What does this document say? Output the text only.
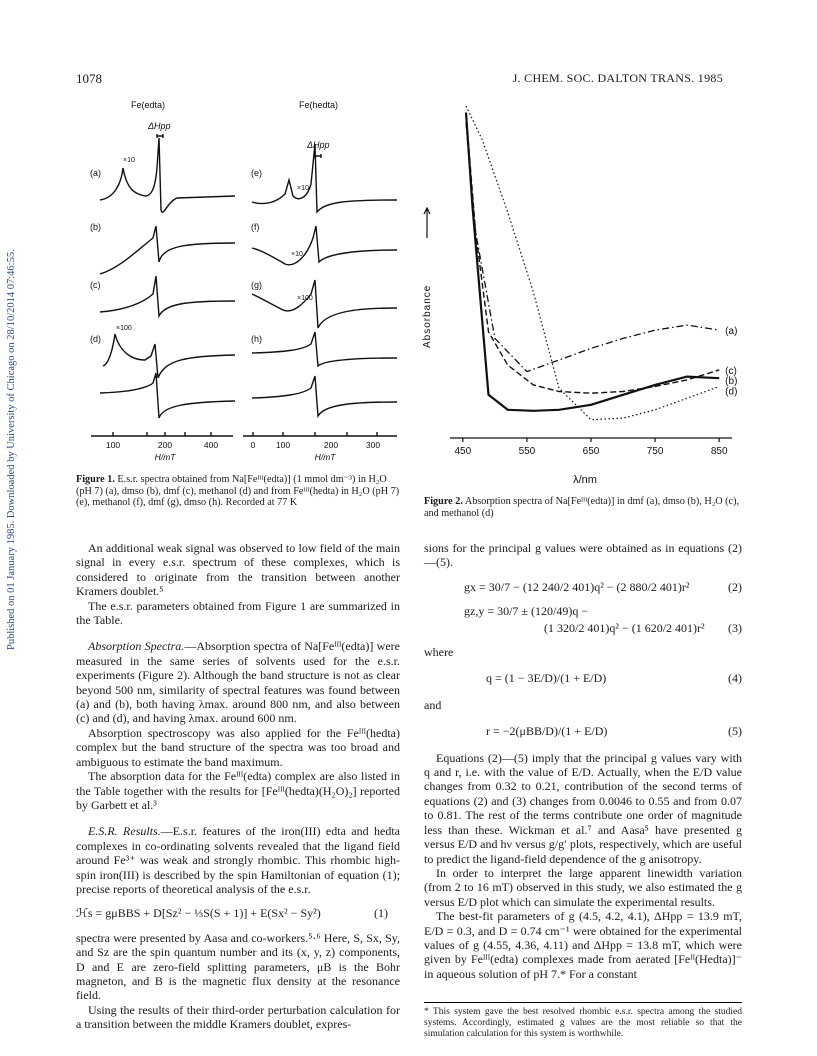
Published on 01 January 1985. Downloaded by University of Chicago on 28/10/2014 07:46:55.
1078	J. CHEM. SOC. DALTON TRANS. 1985
Fe(edta)	Fe(hedta)
ΔHpp
ΔHpp
(a)
(b)
(c)
(d)
(e)
(f)
(g)
(h)
×10
×100
×10
×10
×100
100	200	400	0 100	200	300
H/mT	H/mT
Figure 1. E.s.r. spectra obtained from Na[Feᴵᴵᴵ(edta)] (1 mmol dm⁻³) in H₂O (pH 7) (a), dmso (b), dmf (c), methanol (d) and from Feᴵᴵᴵ(hedta) in H₂O (pH 7) (e), methanol (f), dmf (g), dmso (h). Recorded at 77 K
450	550	650	750	850
(a)
(b)
(c)
(d)
Absorbance
λ/nm
Figure 2. Absorption spectra of Na[Feᴵᴵᴵ(edta)] in dmf (a), dmso (b), H₂O (c), and methanol (d)

An additional weak signal was observed to low field of the main signal in every e.s.r. spectrum of these complexes, which is considered to originate from the transition between another Kramers doublet.⁵

The e.s.r. parameters obtained from Figure 1 are summarized in the Table.

Absorption Spectra.—Absorption spectra of Na[Feᴵᴵᴵ(edta)] were measured in the same series of solvents used for the e.s.r. experiments (Figure 2). Although the band structure is not as clear beyond 500 nm, similarity of spectral features was found between (a) and (b), both having λmax. around 800 nm, and also between (c) and (d), and having λmax. around 600 nm.

Absorption spectroscopy was also applied for the Feᴵᴵᴵ(hedta) complex but the band structure of the spectra was too broad and ambiguous to estimate the band maximum.

The absorption data for the Feᴵᴵᴵ(edta) complex are also listed in the Table together with the results for [Feᴵᴵᴵ(hedta)(H₂O)₂] reported by Garbett et al.³

E.S.R. Results.—E.s.r. features of the iron(III) edta and hedta complexes in co-ordinating solvents revealed that the ligand field around Fe³⁺ was weak and strongly rhombic. This rhombic high-spin iron(III) is described by the spin Hamiltonian of equation (1); precise reports of theoretical analysis of the e.s.r.

ℋs = gμBBS + D[Sz² − ⅓S(S + 1)] + E(Sx² − Sy²)	(1)

spectra were presented by Aasa and co-workers.⁵·⁶ Here, S, Sx, Sy, and Sz are the spin quantum number and its (x, y, z) components, D and E are zero-field splitting parameters, μB is the Bohr magneton, and B is the magnetic flux density at the resonance field.

Using the results of their third-order perturbation calculation for a transition between the middle Kramers doublet, expres-

sions for the principal g values were obtained as in equations (2)—(5).

gx = 30/7 − (12 240/2 401)q² − (2 880/2 401)r²	(2)
gz,y = 30/7 ± (120/49)q −
(1 320/2 401)q² − (1 620/2 401)r² (3)

where

q = (1 − 3E/D)/(1 + E/D)	(4)

and

r = −2(μBB/D)/(1 + E/D)	(5)

Equations (2)—(5) imply that the principal g values vary with q and r, i.e. with the value of E/D. Actually, when the E/D value changes from 0.32 to 0.21, contribution of the second terms of equations (2) and (3) changes from 0.0046 to 0.55 and from 0.07 to 0.81. The rest of the terms contribute one order of magnitude less than these. Wickman et al.⁷ and Aasa⁵ have presented g versus E/D and hν versus g/g′ plots, respectively, which are useful to predict the ligand-field dependence of the g anisotropy.

In order to interpret the large apparent linewidth variation (from 2 to 16 mT) observed in this study, we also estimated the g versus E/D plot which can simulate the experimental results.

The best-fit parameters of g (4.5, 4.2, 4.1), ΔHpp = 13.9 mT, E/D = 0.3, and D = 0.74 cm⁻¹ were obtained for the experimental values of g (4.55, 4.36, 4.11) and ΔHpp = 13.8 mT, which were given by Feᴵᴵᴵ(edta) complexes made from aerated [Feᴵᴵ(Hedta)]⁻ in aqueous solution of pH 7.* For a constant

* This system gave the best resolved rhombic e.s.r. spectra among the studied systems. Accordingly, estimated g values are the most reliable so that the simulation calculation for this system is worthwhile.
